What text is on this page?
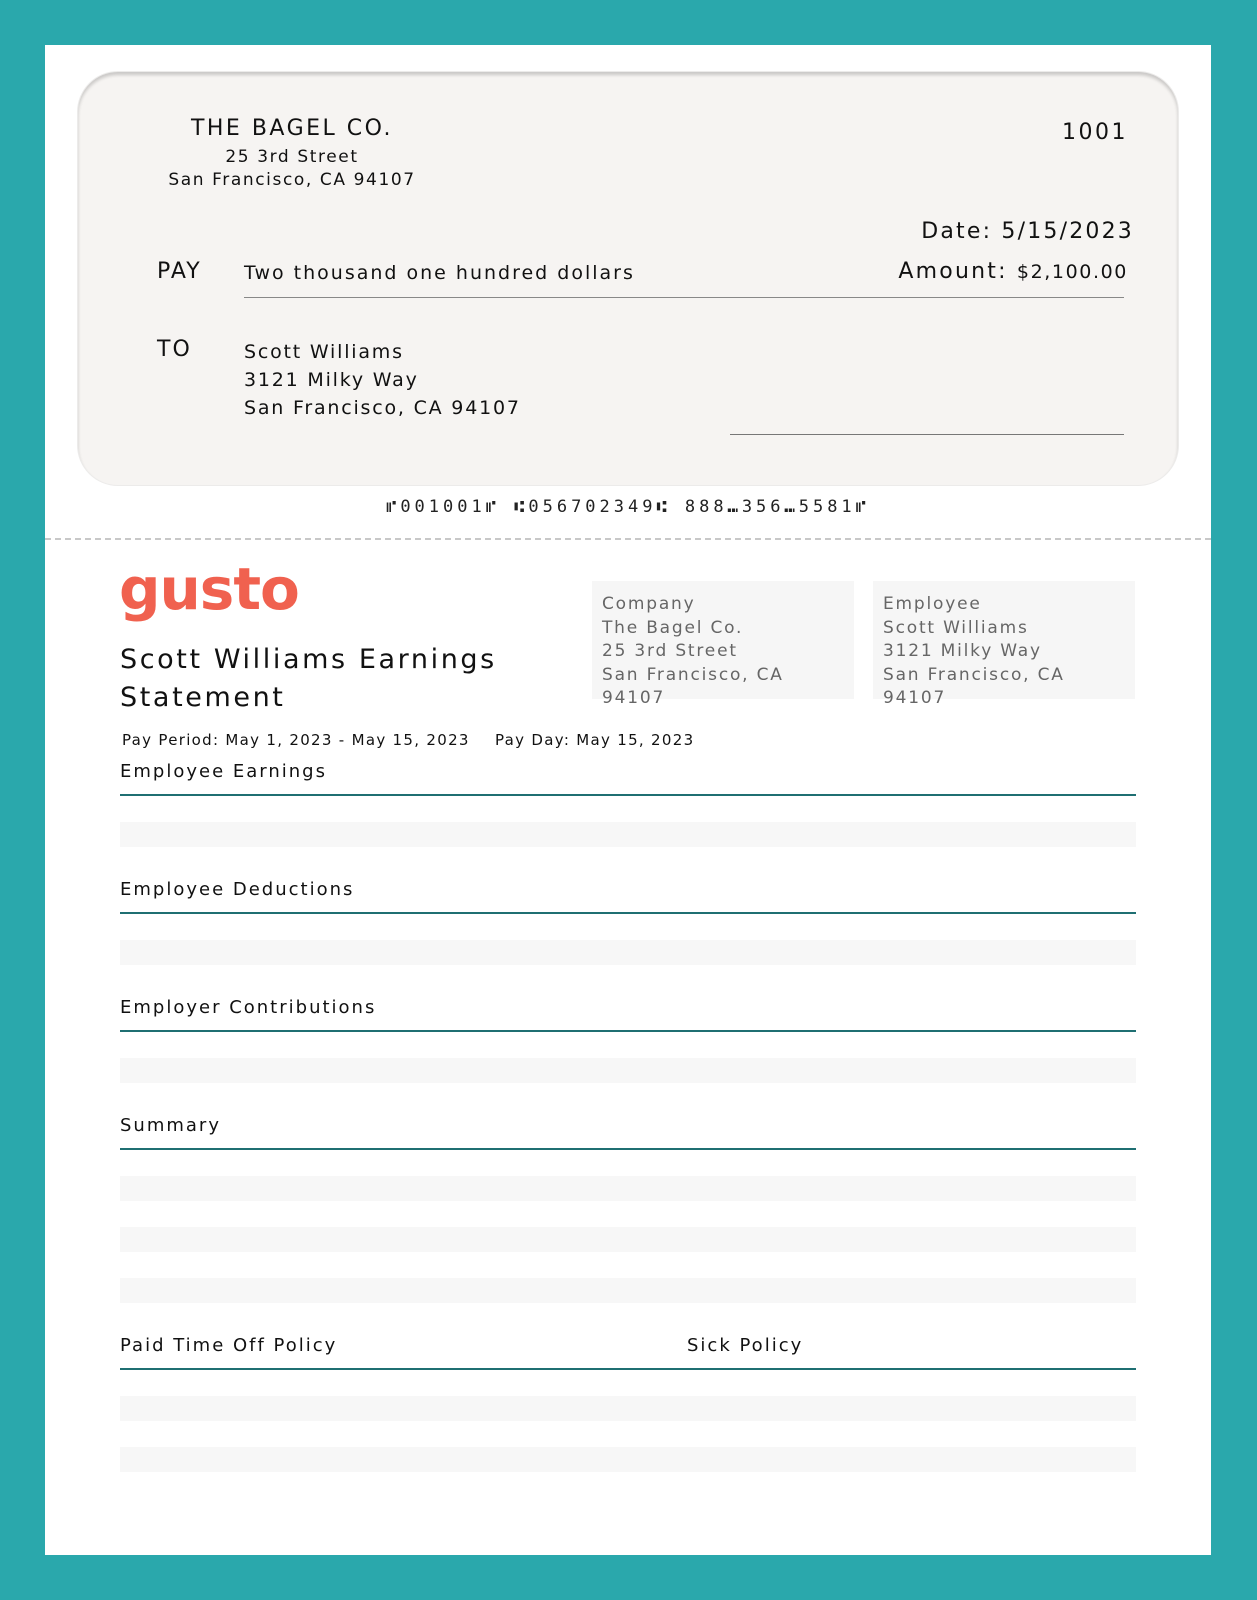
THE BAGEL CO.
25 3rd Street
San Francisco, CA 94107
1001
Date: 5/15/2023
PAY Two thousand one hundred dollars	Amount: $2,100.00
TO	Scott Williams
3121 Milky Way
San Francisco, CA 94107
⑈001001⑈ ⑆056702349⑆ 888⑉356⑉5581⑈
gusto
Scott Williams Earnings Statement
Pay Period: May 1, 2023 - May 15, 2023 Pay Day: May 15, 2023
Company
The Bagel Co.
25 3rd Street
San Francisco, CA 94107
Employee
Scott Williams
3121 Milky Way
San Francisco, CA 94107
Employee Earnings
Employee Deductions
Employer Contributions
Summary
Paid Time Off Policy	Sick Policy
